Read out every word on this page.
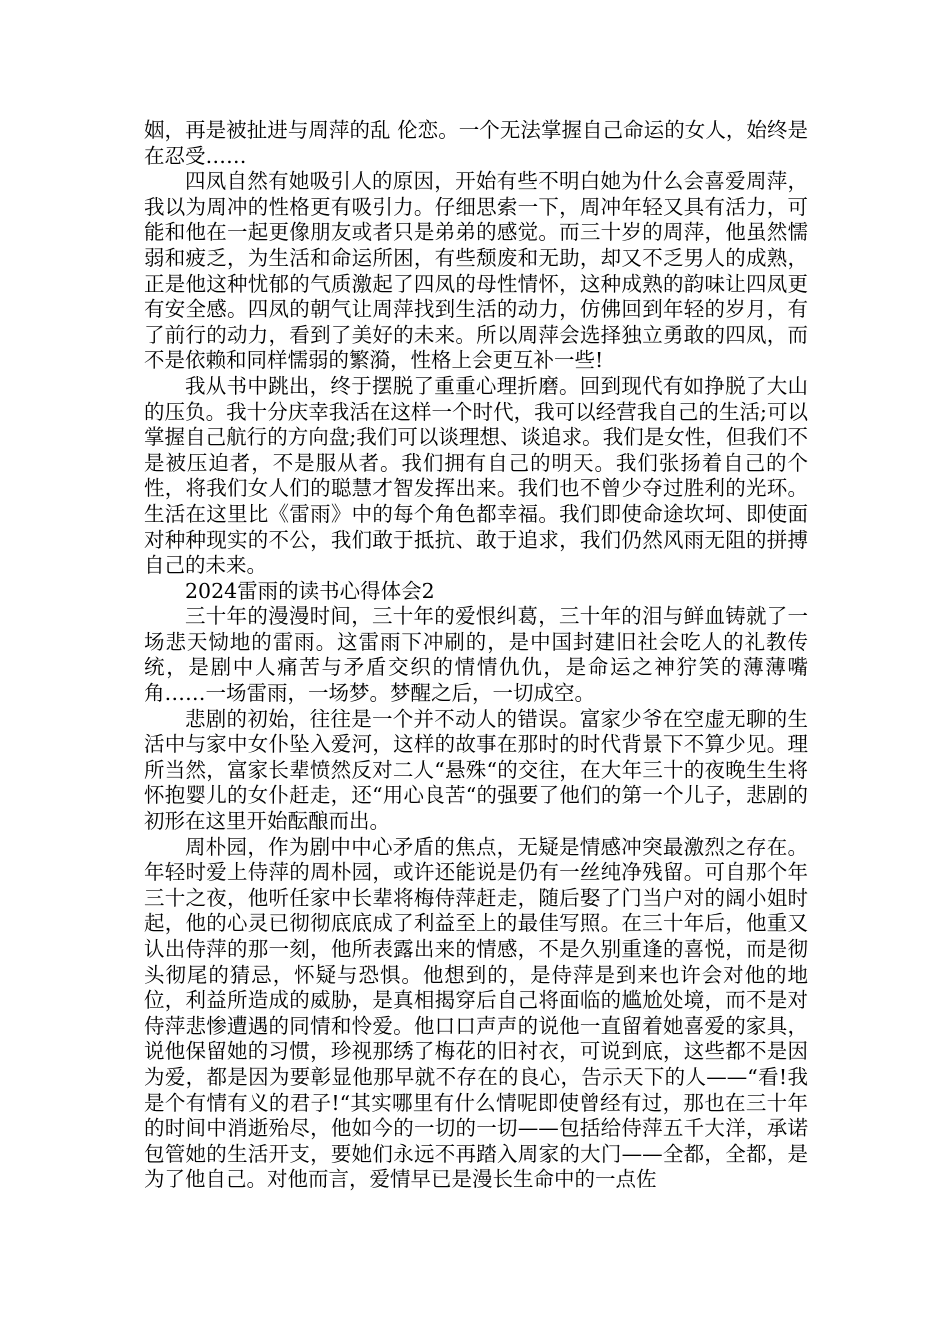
姻，再是被扯进与周萍的乱 伦恋。一个无法掌握自己命运的女人，始终是在忍受……

四凤自然有她吸引人的原因，开始有些不明白她为什么会喜爱周萍，我以为周冲的性格更有吸引力。仔细思索一下，周冲年轻又具有活力，可能和他在一起更像朋友或者只是弟弟的感觉。而三十岁的周萍，他虽然懦弱和疲乏，为生活和命运所困，有些颓废和无助，却又不乏男人的成熟，正是他这种忧郁的气质激起了四凤的母性情怀，这种成熟的韵味让四凤更有安全感。四凤的朝气让周萍找到生活的动力，仿佛回到年轻的岁月，有了前行的动力，看到了美好的未来。所以周萍会选择独立勇敢的四凤，而不是依赖和同样懦弱的繁漪，性格上会更互补一些!

我从书中跳出，终于摆脱了重重心理折磨。回到现代有如挣脱了大山的压负。我十分庆幸我活在这样一个时代，我可以经营我自己的生活;可以掌握自己航行的方向盘;我们可以谈理想、谈追求。我们是女性，但我们不是被压迫者，不是服从者。我们拥有自己的明天。我们张扬着自己的个性，将我们女人们的聪慧才智发挥出来。我们也不曾少夺过胜利的光环。生活在这里比《雷雨》中的每个角色都幸福。我们即使命途坎坷、即使面对种种现实的不公，我们敢于抵抗、敢于追求，我们仍然风雨无阻的拼搏自己的未来。

2024雷雨的读书心得体会2

三十年的漫漫时间，三十年的爱恨纠葛，三十年的泪与鲜血铸就了一场悲天恸地的雷雨。这雷雨下冲刷的，是中国封建旧社会吃人的礼教传统，是剧中人痛苦与矛盾交织的情情仇仇，是命运之神狞笑的薄薄嘴角……一场雷雨，一场梦。梦醒之后，一切成空。

悲剧的初始，往往是一个并不动人的错误。富家少爷在空虚无聊的生活中与家中女仆坠入爱河，这样的故事在那时的时代背景下不算少见。理所当然，富家长辈愤然反对二人“悬殊“的交往，在大年三十的夜晚生生将怀抱婴儿的女仆赶走，还“用心良苦“的强要了他们的第一个儿子，悲剧的初形在这里开始酝酿而出。

周朴园，作为剧中中心矛盾的焦点，无疑是情感冲突最激烈之存在。年轻时爱上侍萍的周朴园，或许还能说是仍有一丝纯净残留。可自那个年三十之夜，他听任家中长辈将梅侍萍赶走，随后娶了门当户对的阔小姐时起，他的心灵已彻彻底底成了利益至上的最佳写照。在三十年后，他重又认出侍萍的那一刻，他所表露出来的情感，不是久别重逢的喜悦，而是彻头彻尾的猜忌，怀疑与恐惧。他想到的，是侍萍是到来也许会对他的地位，利益所造成的威胁，是真相揭穿后自己将面临的尴尬处境，而不是对侍萍悲惨遭遇的同情和怜爱。他口口声声的说他一直留着她喜爱的家具，说他保留她的习惯，珍视那绣了梅花的旧衬衣，可说到底，这些都不是因为爱，都是因为要彰显他那早就不存在的良心，告示天下的人——“看!我是个有情有义的君子!“其实哪里有什么情呢即使曾经有过，那也在三十年的时间中消逝殆尽，他如今的一切的一切——包括给侍萍五千大洋，承诺包管她的生活开支，要她们永远不再踏入周家的大门——全都，全都，是为了他自己。对他而言，爱情早已是漫长生命中的一点佐
